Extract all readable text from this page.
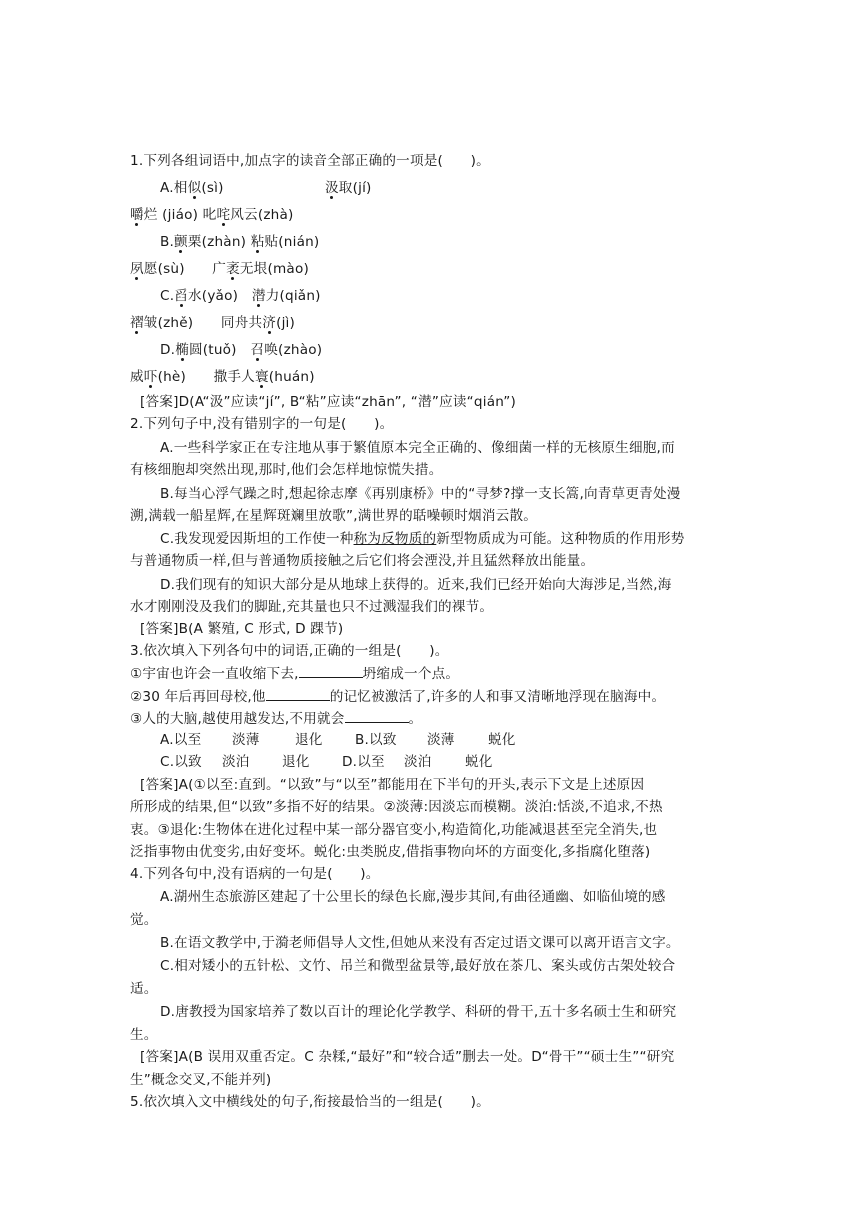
1.下列各组词语中,加点字的读音全部正确的一项是(　　)。
A.相似(sì)	汲取(jí)
嚼烂 (jiáo) 叱咤风云(zhà)
B.颤栗(zhàn) 粘贴(nián)
夙愿(sù)　　广袤无垠(mào)
C.舀水(yǎo)　潜力(qiǎn)
褶皱(zhě)　　同舟共济(jì)
D.椭圆(tuǒ)　召唤(zhào)
威吓(hè)　　撒手人寰(huán)
[答案]D(A“汲”应读“jí”, B“粘”应读“zhān”, “潜”应读“qián”)
2.下列句子中,没有错别字的一句是(　　)。
A.一些科学家正在专注地从事于繁值原本完全正确的、像细菌一样的无核原生细胞,而
有核细胞却突然出现,那时,他们会怎样地惊慌失措。
B.每当心浮气躁之时,想起徐志摩《再别康桥》中的“寻梦?撑一支长篙,向青草更青处漫
溯,满载一船星辉,在星辉斑斓里放歌”,满世界的聒噪顿时烟消云散。
C.我发现爱因斯坦的工作使一种称为反物质的新型物质成为可能。这种物质的作用形势
与普通物质一样,但与普通物质接触之后它们将会湮没,并且猛然释放出能量。
D.我们现有的知识大部分是从地球上获得的。近来,我们已经开始向大海涉足,当然,海
水才刚刚没及我们的脚趾,充其量也只不过溅湿我们的裸节。
[答案]B(A 繁殖, C 形式, D 踝节)
3.依次填入下列各句中的词语,正确的一组是(　　)。
①宇宙也许会一直收缩下去,	坍缩成一个点。
②30 年后再回母校,他	的记忆被激活了,许多的人和事又清晰地浮现在脑海中。
③人的大脑,越使用越发达,不用就会	。
A.以至 淡薄	退化 B.以致 淡薄 蜕化
C.以致 淡泊 退化 D.以至 淡泊 蜕化
[答案]A(①以至:直到。“以致”与“以至”都能用在下半句的开头,表示下文是上述原因
所形成的结果,但“以致”多指不好的结果。②淡薄:因淡忘而模糊。淡泊:恬淡,不追求,不热
衷。③退化:生物体在进化过程中某一部分器官变小,构造简化,功能减退甚至完全消失,也
泛指事物由优变劣,由好变坏。蜕化:虫类脱皮,借指事物向坏的方面变化,多指腐化堕落)
4.下列各句中,没有语病的一句是(　　)。
A.湖州生态旅游区建起了十公里长的绿色长廊,漫步其间,有曲径通幽、如临仙境的感
觉。
B.在语文教学中,于漪老师倡导人文性,但她从来没有否定过语文课可以离开语言文字。
C.相对矮小的五针松、文竹、吊兰和微型盆景等,最好放在茶几、案头或仿古架处较合
适。
D.唐教授为国家培养了数以百计的理论化学教学、科研的骨干,五十多名硕士生和研究
生。
[答案]A(B 误用双重否定。C 杂糅,“最好”和“较合适”删去一处。D“骨干”“硕士生”“研究
生”概念交叉,不能并列)
5.依次填入文中横线处的句子,衔接最恰当的一组是(　　)。
